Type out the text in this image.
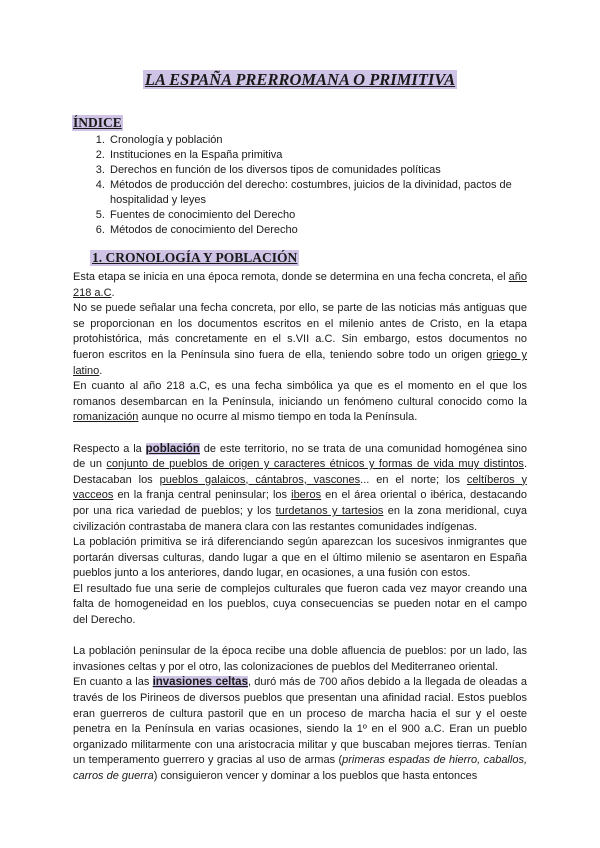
LA ESPAÑA PRERROMANA O PRIMITIVA
ÍNDICE
1. Cronología y población
2. Instituciones en la España primitiva
3. Derechos en función de los diversos tipos de comunidades políticas
4. Métodos de producción del derecho: costumbres, juicios de la divinidad, pactos de hospitalidad y leyes
5. Fuentes de conocimiento del Derecho
6. Métodos de conocimiento del Derecho
1. CRONOLOGÍA Y POBLACIÓN

Esta etapa se inicia en una época remota, donde se determina en una fecha concreta, el año 218 a.C.

No se puede señalar una fecha concreta, por ello, se parte de las noticias más antiguas que se proporcionan en los documentos escritos en el milenio antes de Cristo, en la etapa protohistórica, más concretamente en el s.VII a.C. Sin embargo, estos documentos no fueron escritos en la Península sino fuera de ella, teniendo sobre todo un origen griego y latino.

En cuanto al año 218 a.C, es una fecha simbólica ya que es el momento en el que los romanos desembarcan en la Península, iniciando un fenómeno cultural conocido como la romanización aunque no ocurre al mismo tiempo en toda la Península.

Respecto a la población de este territorio, no se trata de una comunidad homogénea sino de un conjunto de pueblos de origen y caracteres étnicos y formas de vida muy distintos. Destacaban los pueblos galaicos, cántabros, vascones... en el norte; los celtíberos y vacceos en la franja central peninsular; los iberos en el área oriental o ibérica, destacando por una rica variedad de pueblos; y los turdetanos y tartesios en la zona meridional, cuya civilización contrastaba de manera clara con las restantes comunidades indígenas.

La población primitiva se irá diferenciando según aparezcan los sucesivos inmigrantes que portarán diversas culturas, dando lugar a que en el último milenio se asentaron en España pueblos junto a los anteriores, dando lugar, en ocasiones, a una fusión con estos.

El resultado fue una serie de complejos culturales que fueron cada vez mayor creando una falta de homogeneidad en los pueblos, cuya consecuencias se pueden notar en el campo del Derecho.

La población peninsular de la época recibe una doble afluencia de pueblos: por un lado, las invasiones celtas y por el otro, las colonizaciones de pueblos del Mediterraneo oriental.

En cuanto a las invasiones celtas, duró más de 700 años debido a la llegada de oleadas a través de los Pirineos de diversos pueblos que presentan una afinidad racial. Estos pueblos eran guerreros de cultura pastoril que en un proceso de marcha hacia el sur y el oeste penetra en la Península en varias ocasiones, siendo la 1º en el 900 a.C. Eran un pueblo organizado militarmente con una aristocracia militar y que buscaban mejores tierras. Tenían un temperamento guerrero y gracias al uso de armas (primeras espadas de hierro, caballos, carros de guerra) consiguieron vencer y dominar a los pueblos que hasta entonces
